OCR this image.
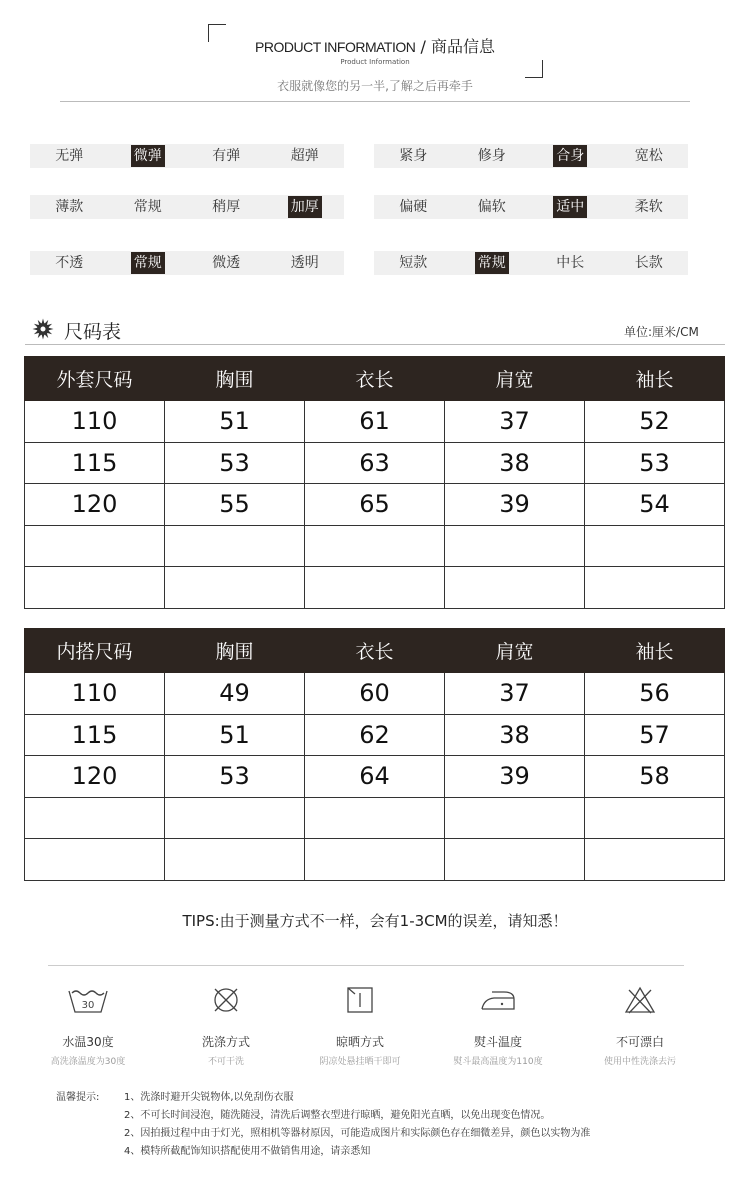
PRODUCT INFORMATION / 商品信息
Product Information
衣服就像您的另一半,了解之后再牵手
无弹	微弹	有弹	超弹	紧身	修身	合身	宽松
薄款	常规	稍厚	加厚	偏硬	偏软	适中	柔软
不透	常规	微透	透明	短款	常规	中长	长款
尺码表	单位:厘米/CM
外套尺码	胸围	衣长	肩宽	袖长
110	51	61	37	52
115	53	63	38	53
120	55	65	39	54

内搭尺码	胸围	衣长	肩宽	袖长
110	49	60	37	56
115	51	62	38	57
120	53	64	39	58

TIPS:由于测量方式不一样，会有1-3CM的误差，请知悉！
30
水温30度
高洗涤温度为30度
洗涤方式
不可干洗
晾晒方式
阴凉处悬挂晒干即可
熨斗温度
熨斗最高温度为110度
不可漂白
使用中性洗涤去污
温馨提示:	1、洗涤时避开尖锐物体,以免刮伤衣服
2、不可长时间浸泡，随洗随浸，清洗后调整衣型进行晾晒，避免阳光直晒，以免出现变色情况。
2、因拍摄过程中由于灯光，照相机等器材原因，可能造成图片和实际颜色存在细微差异，颜色以实物为准
4、模特所截配饰知识搭配使用不做销售用途，请亲悉知
